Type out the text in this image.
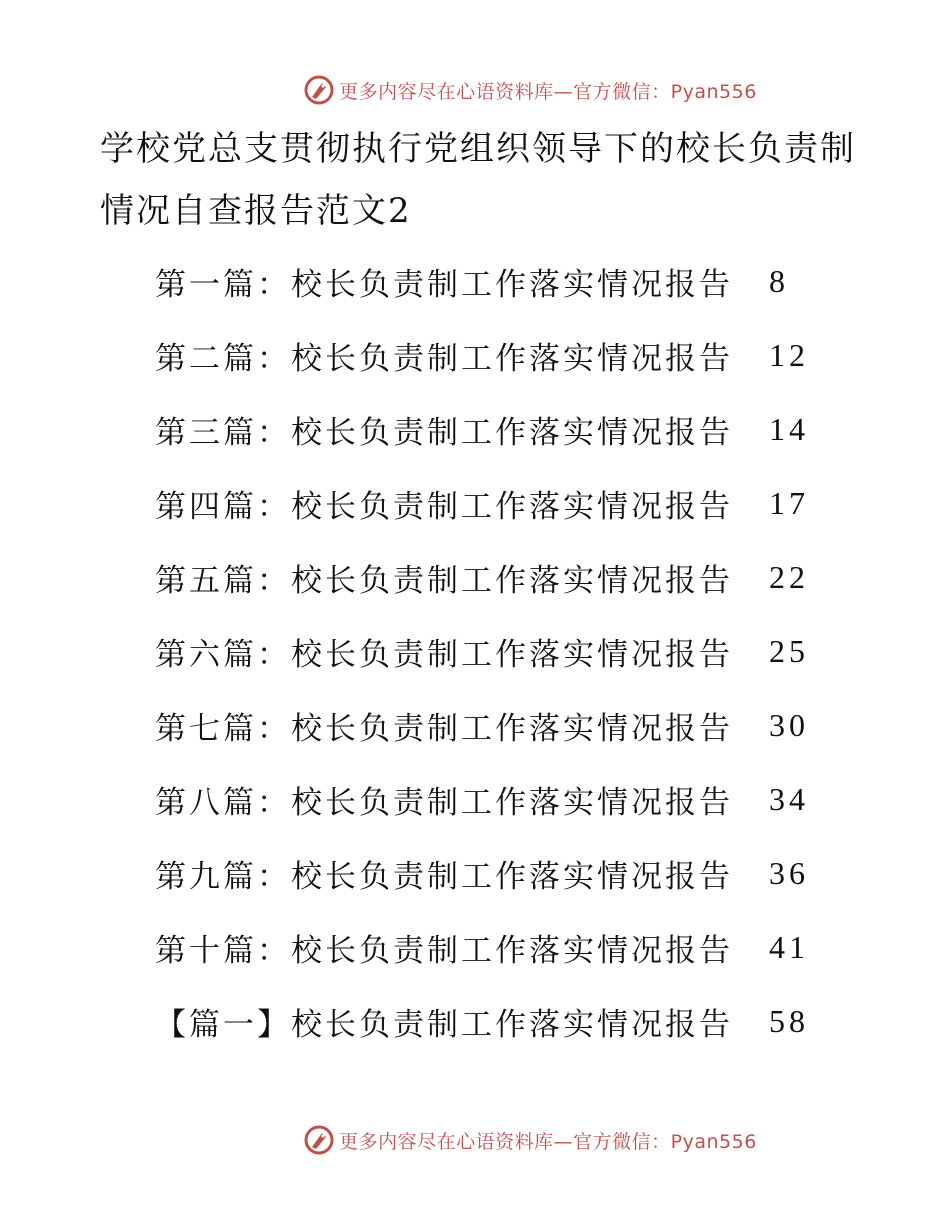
更多内容尽在心语资料库—官方微信：Pyan556
学校党总支贯彻执行党组织领导下的校长负责制情况自查报告范文2
第一篇：校长负责制工作落实情况报告	8
第二篇：校长负责制工作落实情况报告	12
第三篇：校长负责制工作落实情况报告	14
第四篇：校长负责制工作落实情况报告	17
第五篇：校长负责制工作落实情况报告	22
第六篇：校长负责制工作落实情况报告	25
第七篇：校长负责制工作落实情况报告	30
第八篇：校长负责制工作落实情况报告	34
第九篇：校长负责制工作落实情况报告	36
第十篇：校长负责制工作落实情况报告	41
【篇一】校长负责制工作落实情况报告	58
更多内容尽在心语资料库—官方微信：Pyan556
